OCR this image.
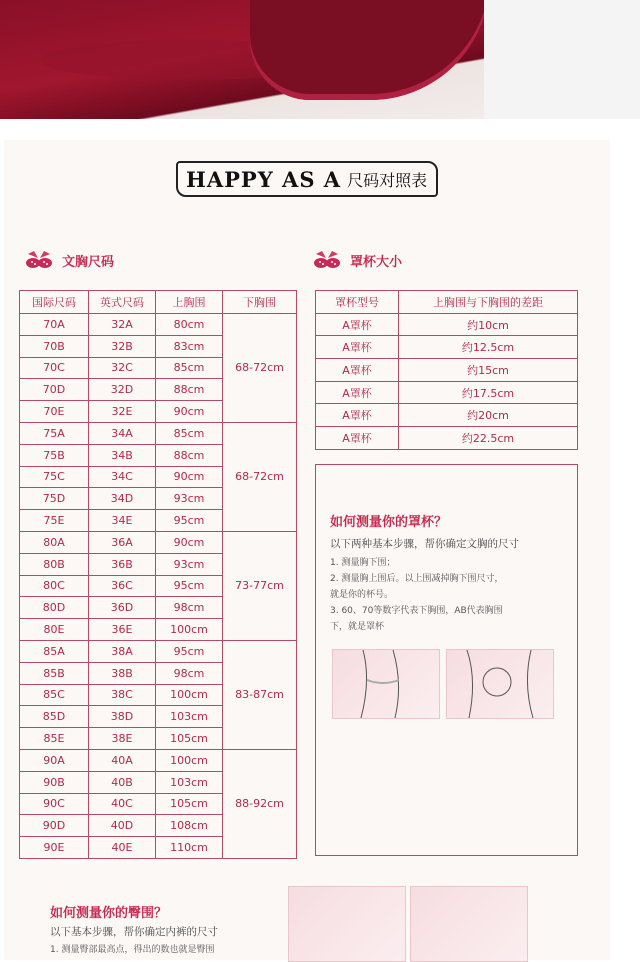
HAPPY AS A 尺码对照表
文胸尺码	罩杯大小
国际尺码	英式尺码	上胸围	下胸围
70A	32A	80cm	68-72cm
70B	32B	83cm	
70C	32C	85cm	
70D	32D	88cm	
70E	32E	90cm	
75A	34A	85cm	68-72cm
75B	34B	88cm	
75C	34C	90cm	
75D	34D	93cm	
75E	34E	95cm	
80A	36A	90cm	73-77cm
80B	36B	93cm	
80C	36C	95cm	
80D	36D	98cm	
80E	36E	100cm	
85A	38A	95cm	83-87cm
85B	38B	98cm	
85C	38C	100cm	
85D	38D	103cm	
85E	38E	105cm	
90A	40A	100cm	88-92cm
90B	40B	103cm	
90C	40C	105cm	
90D	40D	108cm	
90E	40E	110cm	
罩杯型号	上胸围与下胸围的差距
A罩杯	约10cm
A罩杯	约12.5cm
A罩杯	约15cm
A罩杯	约17.5cm
A罩杯	约20cm
A罩杯	约22.5cm
如何测量你的罩杯？
以下两种基本步骤，帮你确定文胸的尺寸
1. 测量胸下围；
2. 测量胸上围后。以上围减掉胸下围尺寸，
就是你的杯号。
3. 60、70等数字代表下胸围，AB代表胸围
下，就是罩杯
如何测量你的臀围？
以下基本步骤，帮你确定内裤的尺寸
1. 测量臀部最高点，得出的数也就是臀围
